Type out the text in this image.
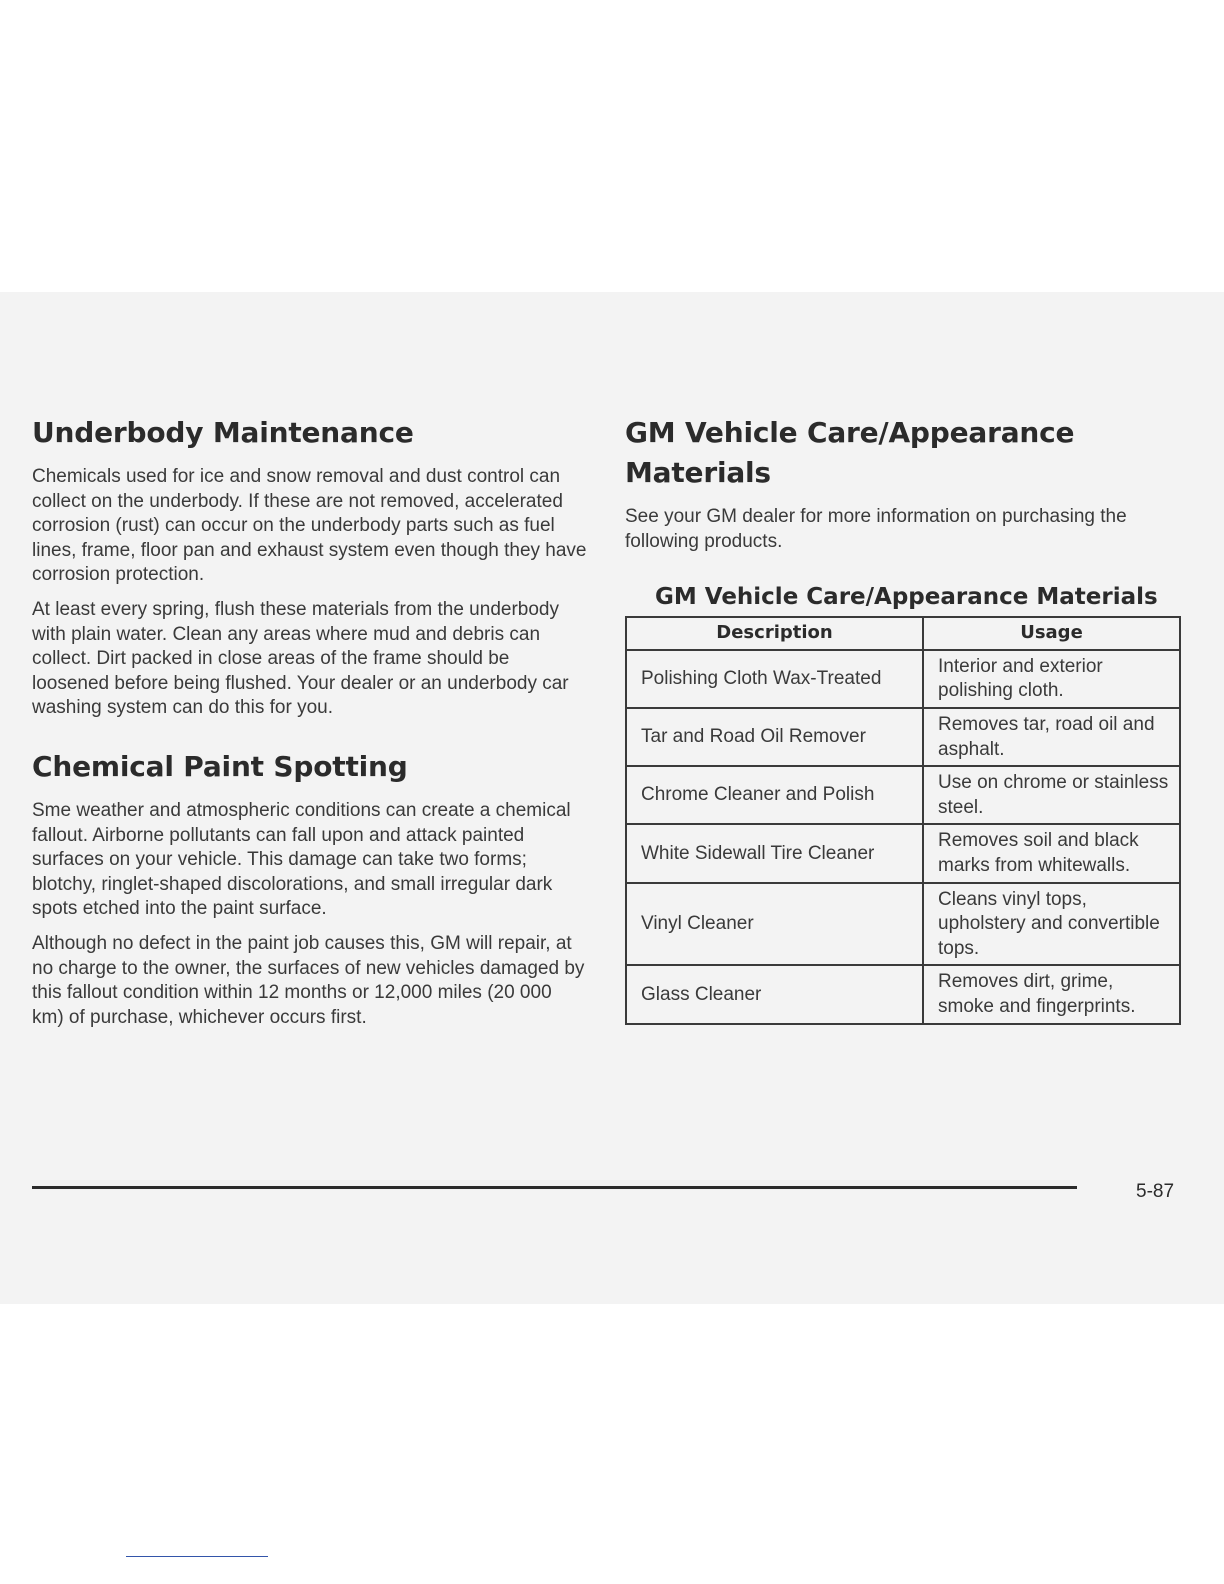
Underbody Maintenance

Chemicals used for ice and snow removal and dust control can collect on the underbody. If these are not removed, accelerated corrosion (rust) can occur on the underbody parts such as fuel lines, frame, floor pan and exhaust system even though they have corrosion protection.

At least every spring, flush these materials from the underbody with plain water. Clean any areas where mud and debris can collect. Dirt packed in close areas of the frame should be loosened before being flushed. Your dealer or an underbody car washing system can do this for you.

Chemical Paint Spotting

Sme weather and atmospheric conditions can create a chemical fallout. Airborne pollutants can fall upon and attack painted surfaces on your vehicle. This damage can take two forms; blotchy, ringlet-shaped discolorations, and small irregular dark spots etched into the paint surface.

Although no defect in the paint job causes this, GM will repair, at no charge to the owner, the surfaces of new vehicles damaged by this fallout condition within 12 months or 12,000 miles (20 000 km) of purchase, whichever occurs first.

GM Vehicle Care/Appearance Materials

See your GM dealer for more information on purchasing the following products.

GM Vehicle Care/Appearance Materials
Description	Usage
Polishing Cloth Wax-Treated	Interior and exterior polishing cloth.
Tar and Road Oil Remover	Removes tar, road oil and asphalt.
Chrome Cleaner and Polish	Use on chrome or stainless steel.
White Sidewall Tire Cleaner	Removes soil and black marks from whitewalls.
Vinyl Cleaner	Cleans vinyl tops, upholstery and convertible tops.
Glass Cleaner	Removes dirt, grime, smoke and fingerprints.
5-87
